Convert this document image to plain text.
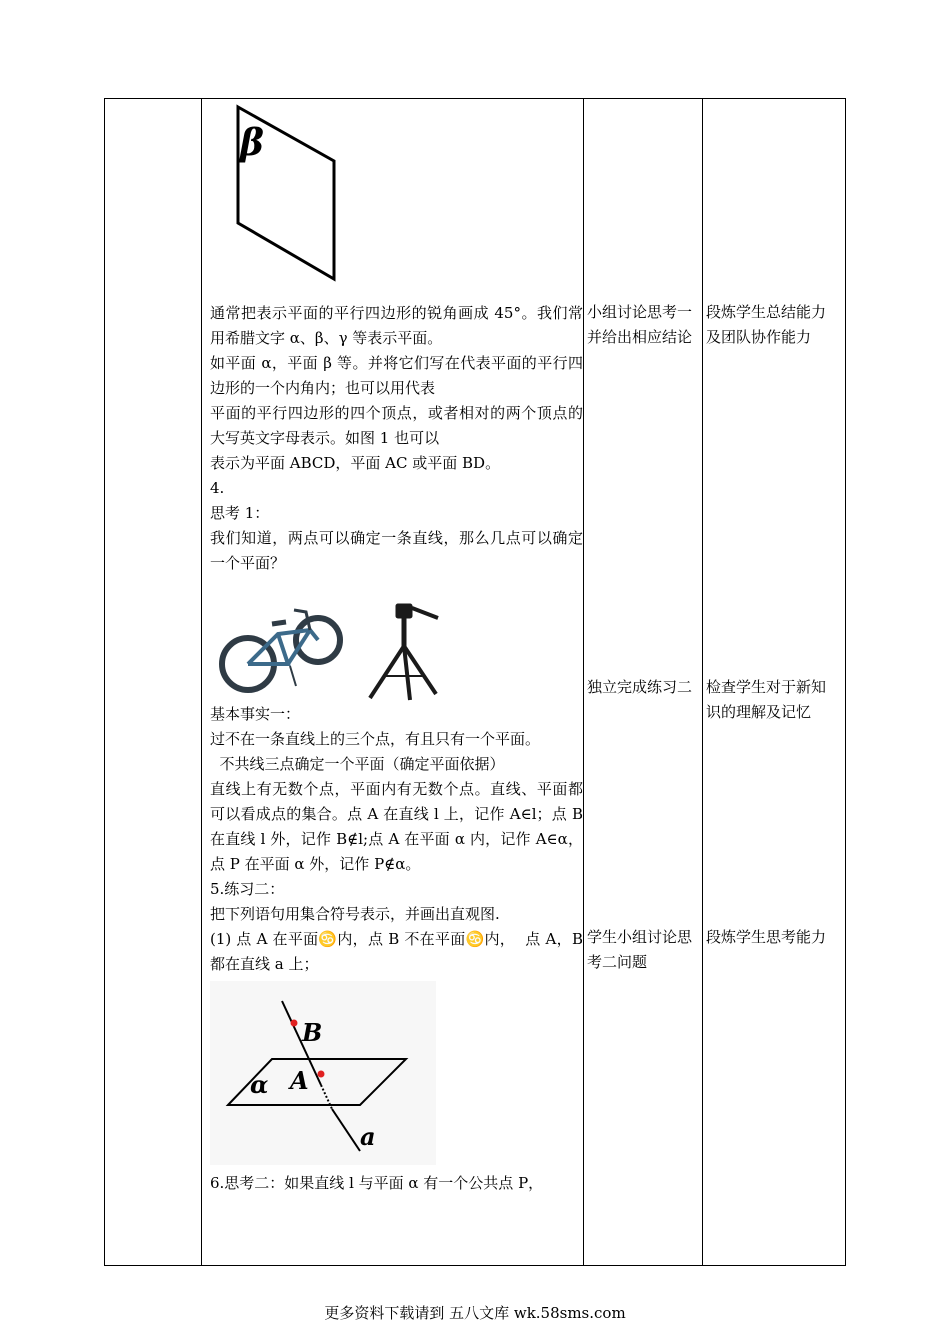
β

通常把表示平面的平行四边形的锐角画成 45°。我们常用希腊文字 α、β、γ 等表示平面。

如平面 α，平面 β 等。并将它们写在代表平面的平行四边形的一个内角内；也可以用代表

平面的平行四边形的四个顶点，或者相对的两个顶点的大写英文字母表示。如图 1 也可以

表示为平面 ABCD，平面 AC 或平面 BD。

4.

思考 1：

我们知道，两点可以确定一条直线，那么几点可以确定一个平面？

基本事实一：

过不在一条直线上的三个点，有且只有一个平面。

不共线三点确定一个平面（确定平面依据）

直线上有无数个点，平面内有无数个点。直线、平面都可以看成点的集合。点 A 在直线 l 上，记作 A∈l；点 B 在直线 l 外，记作 B∉l;点 A 在平面 α 内，记作 A∈α，点 P 在平面 α 外，记作 P∉α。

5.练习二：

把下列语句用集合符号表示，并画出直观图.

(1) 点 A 在平面♋内，点 B 不在平面♋内，  点 A，B 都在直线 a 上；

B
A
α
a

6.思考二：如果直线 l 与平面 α 有一个公共点 P，

小组讨论思考一并给出相应结论

独立完成练习二

学生小组讨论思考二问题

段炼学生总结能力及团队协作能力

检查学生对于新知识的理解及记忆

段炼学生思考能力

更多资料下载请到 五八文库 wk.58sms.com
